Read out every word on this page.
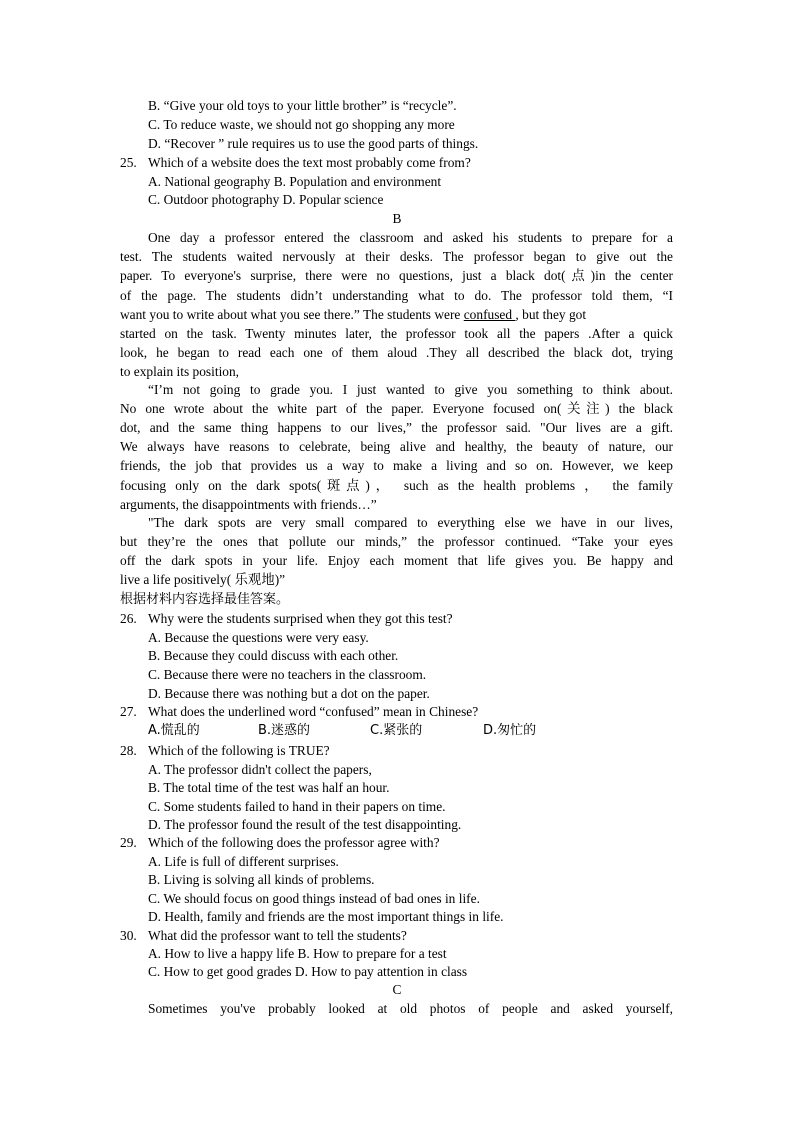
B. “Give your old toys to your little brother” is “recycle”.
C. To reduce waste, we should not go shopping any more
D. “Recover ” rule requires us to use the good parts of things.
25. Which of a website does the text most probably come from?
A. National geography B. Population and environment
C. Outdoor photography D. Popular science
B
One day a professor entered the classroom and asked his students to prepare for a
test. The students waited nervously at their desks. The professor began to give out the
paper. To everyone's surprise, there were no questions, just a black dot(点)in the center
of the page. The students didn’t understanding what to do. The professor told them, “I
want you to write about what you see there.” The students were confused , but they got
started on the task. Twenty minutes later, the professor took all the papers .After a quick
look, he began to read each one of them aloud .They all described the black dot, trying
to explain its position,
“I’m not going to grade you. I just wanted to give you something to think about.
No one wrote about the white part of the paper. Everyone focused on(关注) the black
dot, and the same thing happens to our lives,” the professor said. "Our lives are a gift.
We always have reasons to celebrate, being alive and healthy, the beauty of nature, our
friends, the job that provides us a way to make a living and so on. However, we keep
focusing only on the dark spots(斑点)， such as the health problems ， the family
arguments, the disappointments with friends…”
"The dark spots are very small compared to everything else we have in our lives,
but they’re the ones that pollute our minds,” the professor continued. “Take your eyes
off the dark spots in your life. Enjoy each moment that life gives you. Be happy and
live a life positively( 乐观地)”
根据材料内容选择最佳答案。
26. Why were the students surprised when they got this test?
A. Because the questions were very easy.
B. Because they could discuss with each other.
C. Because there were no teachers in the classroom.
D. Because there was nothing but a dot on the paper.
27. What does the underlined word “confused” mean in Chinese?
A.慌乱的	B.迷惑的	C.紧张的	D.匆忙的
28. Which of the following is TRUE?
A. The professor didn't collect the papers,
B. The total time of the test was half an hour.
C. Some students failed to hand in their papers on time.
D. The professor found the result of the test disappointing.
29. Which of the following does the professor agree with?
A. Life is full of different surprises.
B. Living is solving all kinds of problems.
C. We should focus on good things instead of bad ones in life.
D. Health, family and friends are the most important things in life.
30. What did the professor want to tell the students?
A. How to live a happy life B. How to prepare for a test
C. How to get good grades D. How to pay attention in class
C
Sometimes you've probably looked at old photos of people and asked yourself,
